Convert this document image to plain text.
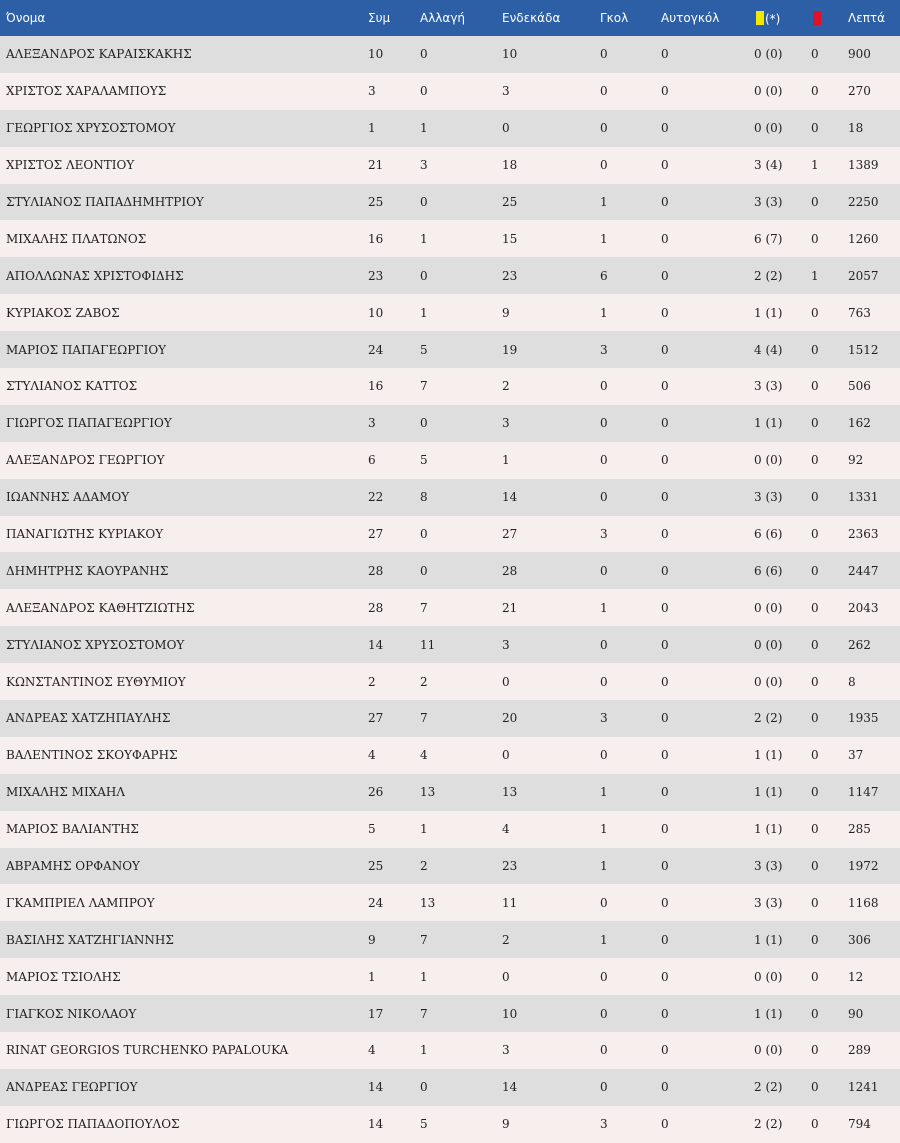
Όνομα	Συμ	Αλλαγή	Ενδεκάδα	Γκολ	Αυτογκόλ	(*)		Λεπτά
ΑΛΕΞΑΝΔΡΟΣ ΚΑΡΑΙΣΚΑΚΗΣ	10	0	10	0	0	0 (0)	0	900
ΧΡΙΣΤΟΣ ΧΑΡΑΛΑΜΠΟΥΣ	3	0	3	0	0	0 (0)	0	270
ΓΕΩΡΓΙΟΣ ΧΡΥΣΟΣΤΟΜΟΥ	1	1	0	0	0	0 (0)	0	18
ΧΡΙΣΤΟΣ ΛΕΟΝΤΙΟΥ	21	3	18	0	0	3 (4)	1	1389
ΣΤΥΛΙΑΝΟΣ ΠΑΠΑΔΗΜΗΤΡΙΟΥ	25	0	25	1	0	3 (3)	0	2250
ΜΙΧΑΛΗΣ ΠΛΑΤΩΝΟΣ	16	1	15	1	0	6 (7)	0	1260
ΑΠΟΛΛΩΝΑΣ ΧΡΙΣΤΟΦΙΔΗΣ	23	0	23	6	0	2 (2)	1	2057
ΚΥΡΙΑΚΟΣ ΖΑΒΟΣ	10	1	9	1	0	1 (1)	0	763
ΜΑΡΙΟΣ ΠΑΠΑΓΕΩΡΓΙΟΥ	24	5	19	3	0	4 (4)	0	1512
ΣΤΥΛΙΑΝΟΣ ΚΑΤΤΟΣ	16	7	2	0	0	3 (3)	0	506
ΓΙΩΡΓΟΣ ΠΑΠΑΓΕΩΡΓΙΟΥ	3	0	3	0	0	1 (1)	0	162
ΑΛΕΞΑΝΔΡΟΣ ΓΕΩΡΓΙΟΥ	6	5	1	0	0	0 (0)	0	92
ΙΩΑΝΝΗΣ ΑΔΑΜΟΥ	22	8	14	0	0	3 (3)	0	1331
ΠΑΝΑΓΙΩΤΗΣ ΚΥΡΙΑΚΟΥ	27	0	27	3	0	6 (6)	0	2363
ΔΗΜΗΤΡΗΣ ΚΑΟΥΡΑΝΗΣ	28	0	28	0	0	6 (6)	0	2447
ΑΛΕΞΑΝΔΡΟΣ ΚΑΘΗΤΖΙΩΤΗΣ	28	7	21	1	0	0 (0)	0	2043
ΣΤΥΛΙΑΝΟΣ ΧΡΥΣΟΣΤΟΜΟΥ	14	11	3	0	0	0 (0)	0	262
ΚΩΝΣΤΑΝΤΙΝΟΣ ΕΥΘΥΜΙΟΥ	2	2	0	0	0	0 (0)	0	8
ΑΝΔΡΕΑΣ ΧΑΤΖΗΠΑΥΛΗΣ	27	7	20	3	0	2 (2)	0	1935
ΒΑΛΕΝΤΙΝΟΣ ΣΚΟΥΦΑΡΗΣ	4	4	0	0	0	1 (1)	0	37
ΜΙΧΑΛΗΣ ΜΙΧΑΗΛ	26	13	13	1	0	1 (1)	0	1147
ΜΑΡΙΟΣ ΒΑΛΙΑΝΤΗΣ	5	1	4	1	0	1 (1)	0	285
ΑΒΡΑΜΗΣ ΟΡΦΑΝΟΥ	25	2	23	1	0	3 (3)	0	1972
ΓΚΑΜΠΡΙΕΛ ΛΑΜΠΡΟΥ	24	13	11	0	0	3 (3)	0	1168
ΒΑΣΙΛΗΣ ΧΑΤΖΗΓΙΑΝΝΗΣ	9	7	2	1	0	1 (1)	0	306
ΜΑΡΙΟΣ ΤΣΙΟΛΗΣ	1	1	0	0	0	0 (0)	0	12
ΓΙΑΓΚΟΣ ΝΙΚΟΛΑΟΥ	17	7	10	0	0	1 (1)	0	90
RINAT GEORGIOS TURCHENKO PAPALOUKA	4	1	3	0	0	0 (0)	0	289
ΑΝΔΡΕΑΣ ΓΕΩΡΓΙΟΥ	14	0	14	0	0	2 (2)	0	1241
ΓΙΩΡΓΟΣ ΠΑΠΑΔΟΠΟΥΛΟΣ	14	5	9	3	0	2 (2)	0	794
